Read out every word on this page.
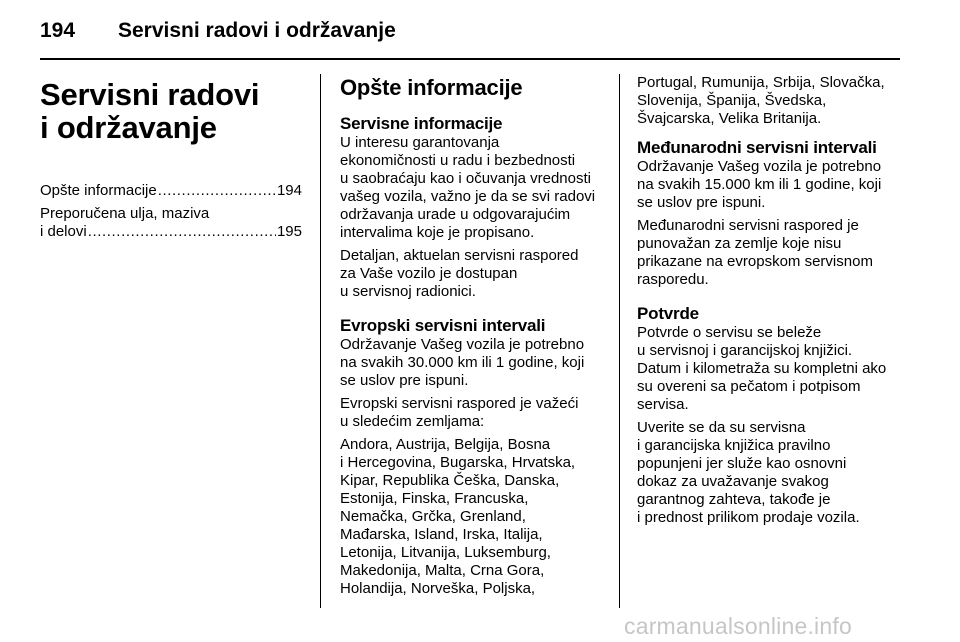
194 Servisni radovi i održavanje
Servisni radovi
i održavanje
Opšte informacije .....	194
Preporučena ulja, maziva
i delovi .....	195
Opšte informacije
Servisne informacije
U interesu garantovanja
ekonomičnosti u radu i bezbednosti
u saobraćaju kao i očuvanja vrednosti
vašeg vozila, važno je da se svi radovi
održavanja urade u odgovarajućim
intervalima koje je propisano.
Detaljan, aktuelan servisni raspored
za Vaše vozilo je dostupan
u servisnoj radionici.
Evropski servisni intervali
Održavanje Vašeg vozila je potrebno
na svakih 30.000 km ili 1 godine, koji
se uslov pre ispuni.
Evropski servisni raspored je važeći
u sledećim zemljama:
Andora, Austrija, Belgija, Bosna
i Hercegovina, Bugarska, Hrvatska,
Kipar, Republika Češka, Danska,
Estonija, Finska, Francuska,
Nemačka, Grčka, Grenland,
Mađarska, Island, Irska, Italija,
Letonija, Litvanija, Luksemburg,
Makedonija, Malta, Crna Gora,
Holandija, Norveška, Poljska,
Portugal, Rumunija, Srbija, Slovačka,
Slovenija, Španija, Švedska,
Švajcarska, Velika Britanija.
Međunarodni servisni intervali
Održavanje Vašeg vozila je potrebno
na svakih 15.000 km ili 1 godine, koji
se uslov pre ispuni.
Međunarodni servisni raspored je
punovažan za zemlje koje nisu
prikazane na evropskom servisnom
rasporedu.
Potvrde
Potvrde o servisu se beleže
u servisnoj i garancijskoj knjižici.
Datum i kilometraža su kompletni ako
su overeni sa pečatom i potpisom
servisa.
Uverite se da su servisna
i garancijska knjižica pravilno
popunjeni jer služe kao osnovni
dokaz za uvažavanje svakog
garantnog zahteva, takođe je
i prednost prilikom prodaje vozila.
carmanualsonline.info
